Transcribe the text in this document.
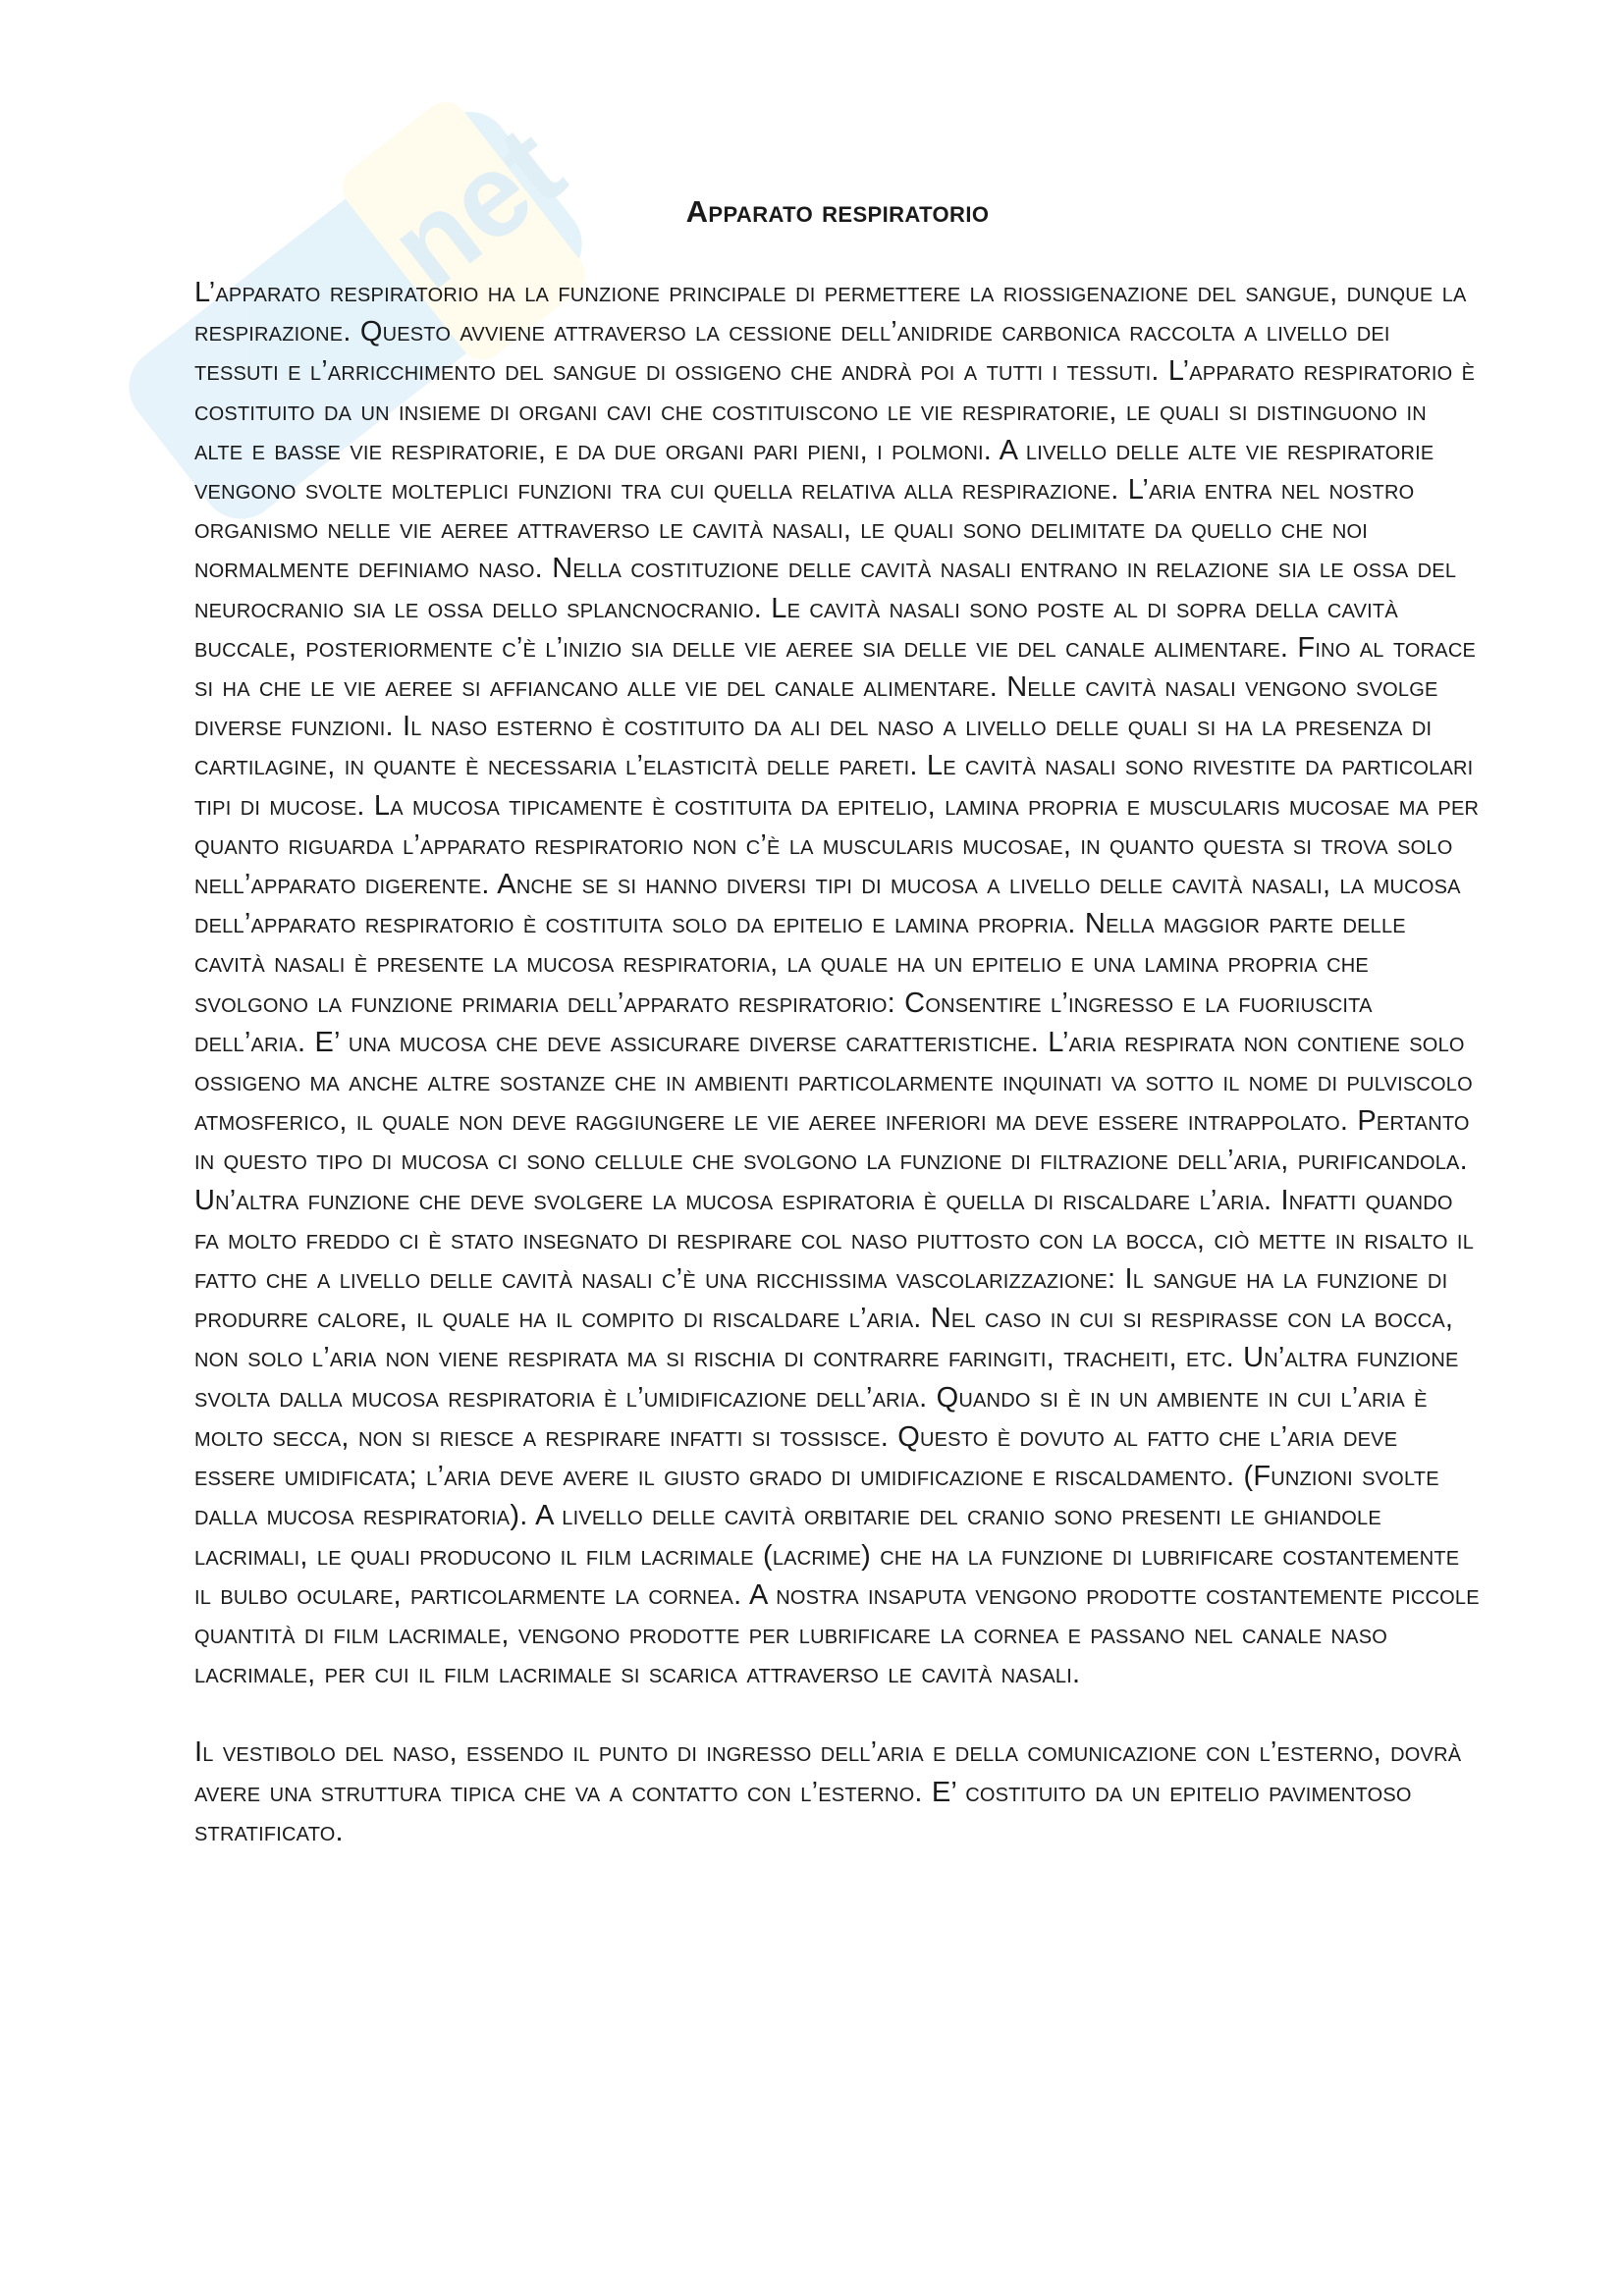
net	Apparato respiratorio

L’apparato respiratorio ha la funzione principale di permettere la riossigenazione del sangue, dunque la respirazione. Questo avviene attraverso la cessione dell’anidride carbonica raccolta a livello dei tessuti e l’arricchimento del sangue di ossigeno che andrà poi a tutti i tessuti. L’apparato respiratorio è costituito da un insieme di organi cavi che costituiscono le vie respiratorie, le quali si distinguono in alte e basse vie respiratorie, e da due organi pari pieni, i polmoni. A livello delle alte vie respiratorie vengono svolte molteplici funzioni tra cui quella relativa alla respirazione. L’aria entra nel nostro organismo nelle vie aeree attraverso le cavità nasali, le quali sono delimitate da quello che noi normalmente definiamo naso. Nella costituzione delle cavità nasali entrano in relazione sia le ossa del neurocranio sia le ossa dello splancnocranio. Le cavità nasali sono poste al di sopra della cavità buccale, posteriormente c’è l’inizio sia delle vie aeree sia delle vie del canale alimentare. Fino al torace si ha che le vie aeree si affiancano alle vie del canale alimentare. Nelle cavità nasali vengono svolge diverse funzioni. Il naso esterno è costituito da ali del naso a livello delle quali si ha la presenza di cartilagine, in quante è necessaria l’elasticità delle pareti. Le cavità nasali sono rivestite da particolari tipi di mucose. La mucosa tipicamente è costituita da epitelio, lamina propria e muscularis mucosae ma per quanto riguarda l’apparato respiratorio non c’è la muscularis mucosae, in quanto questa si trova solo nell’apparato digerente. Anche se si hanno diversi tipi di mucosa a livello delle cavità nasali, la mucosa dell’apparato respiratorio è costituita solo da epitelio e lamina propria. Nella maggior parte delle cavità nasali è presente la mucosa respiratoria, la quale ha un epitelio e una lamina propria che svolgono la funzione primaria dell’apparato respiratorio: Consentire l’ingresso e la fuoriuscita dell’aria. E’ una mucosa che deve assicurare diverse caratteristiche. L’aria respirata non contiene solo ossigeno ma anche altre sostanze che in ambienti particolarmente inquinati va sotto il nome di pulviscolo atmosferico, il quale non deve raggiungere le vie aeree inferiori ma deve essere intrappolato. Pertanto in questo tipo di mucosa ci sono cellule che svolgono la funzione di filtrazione dell’aria, purificandola. Un’altra funzione che deve svolgere la mucosa espiratoria è quella di riscaldare l’aria. Infatti quando fa molto freddo ci è stato insegnato di respirare col naso piuttosto con la bocca, ciò mette in risalto il fatto che a livello delle cavità nasali c’è una ricchissima vascolarizzazione: Il sangue ha la funzione di produrre calore, il quale ha il compito di riscaldare l’aria. Nel caso in cui si respirasse con la bocca, non solo l’aria non viene respirata ma si rischia di contrarre faringiti, tracheiti, etc. Un’altra funzione svolta dalla mucosa respiratoria è l’umidificazione dell’aria. Quando si è in un ambiente in cui l’aria è molto secca, non si riesce a respirare infatti si tossisce. Questo è dovuto al fatto che l’aria deve essere umidificata; l’aria deve avere il giusto grado di umidificazione e riscaldamento. (Funzioni svolte dalla mucosa respiratoria). A livello delle cavità orbitarie del cranio sono presenti le ghiandole lacrimali, le quali producono il film lacrimale (lacrime) che ha la funzione di lubrificare costantemente il bulbo oculare, particolarmente la cornea. A nostra insaputa vengono prodotte costantemente piccole quantità di film lacrimale, vengono prodotte per lubrificare la cornea e passano nel canale naso lacrimale, per cui il film lacrimale si scarica attraverso le cavità nasali.

Il vestibolo del naso, essendo il punto di ingresso dell’aria e della comunicazione con l’esterno, dovrà avere una struttura tipica che va a contatto con l’esterno. E’ costituito da un epitelio pavimentoso stratificato.
